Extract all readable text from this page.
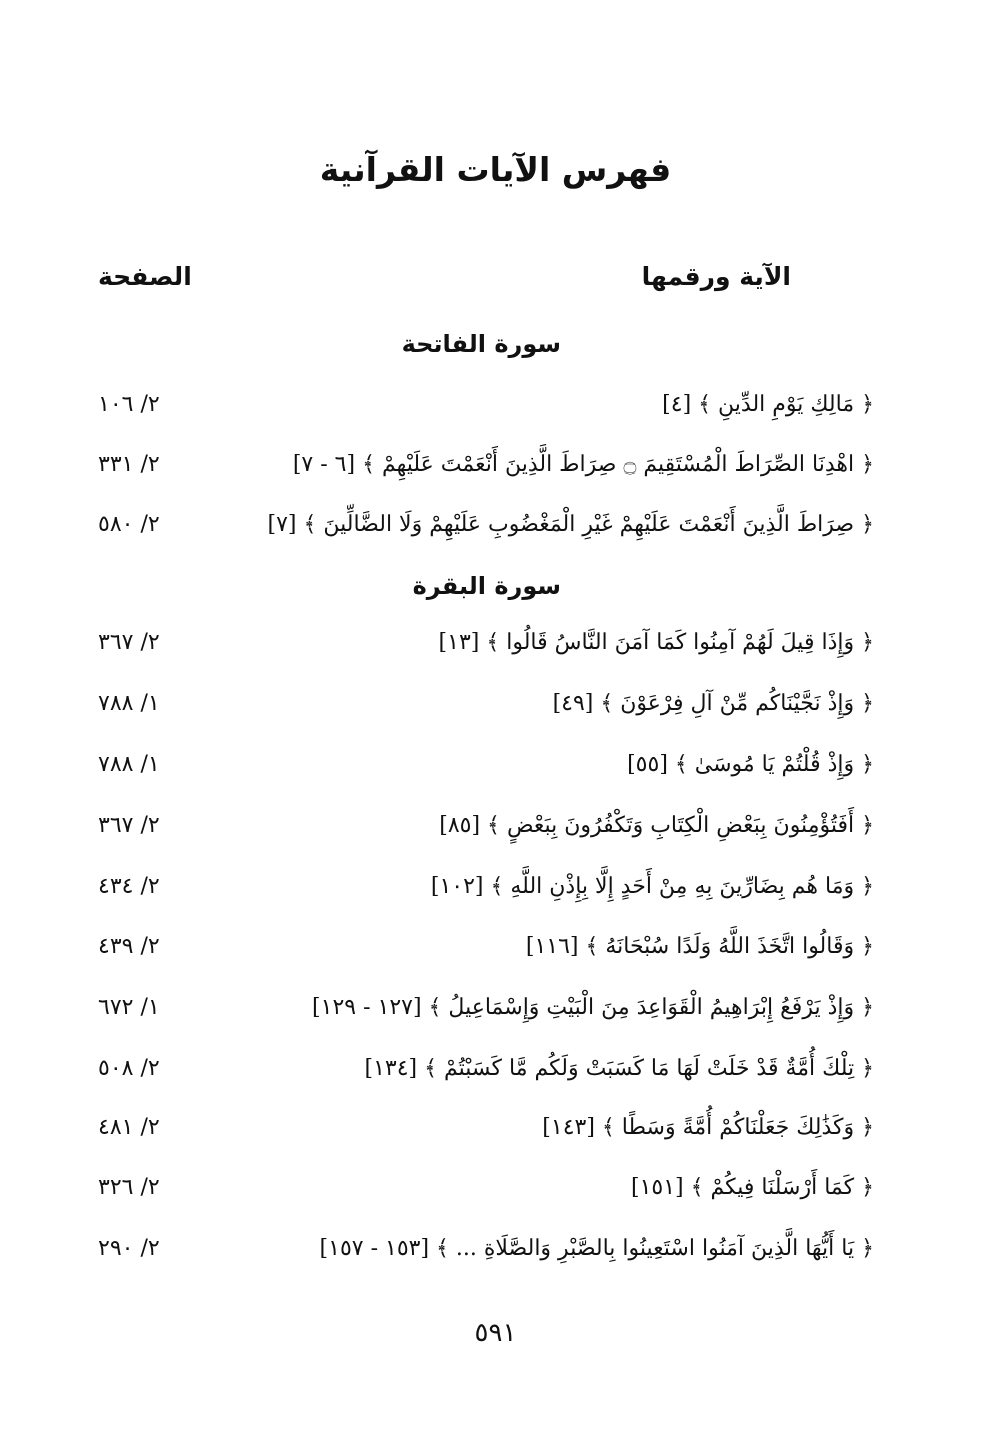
فهرس الآيات القرآنية
الآية ورقمها
الصفحة
سورة الفاتحة
﴿ مَالِكِ يَوْمِ الدِّينِ ﴾ [٤]
٢/ ١٠٦
﴿ اهْدِنَا الصِّرَاطَ الْمُسْتَقِيمَ ۝ صِرَاطَ الَّذِينَ أَنْعَمْتَ عَلَيْهِمْ ﴾ [٦ - ٧]
٢/ ٣٣١
﴿ صِرَاطَ الَّذِينَ أَنْعَمْتَ عَلَيْهِمْ غَيْرِ الْمَغْضُوبِ عَلَيْهِمْ وَلَا الضَّالِّينَ ﴾ [٧]
٢/ ٥٨٠
سورة البقرة
﴿ وَإِذَا قِيلَ لَهُمْ آمِنُوا كَمَا آمَنَ النَّاسُ قَالُوا ﴾ [١٣]
٢/ ٣٦٧
﴿ وَإِذْ نَجَّيْنَاكُم مِّنْ آلِ فِرْعَوْنَ ﴾ [٤٩]
١/ ٧٨٨
﴿ وَإِذْ قُلْتُمْ يَا مُوسَىٰ ﴾ [٥٥]
١/ ٧٨٨
﴿ أَفَتُؤْمِنُونَ بِبَعْضِ الْكِتَابِ وَتَكْفُرُونَ بِبَعْضٍ ﴾ [٨٥]
٢/ ٣٦٧
﴿ وَمَا هُم بِضَارِّينَ بِهِ مِنْ أَحَدٍ إِلَّا بِإِذْنِ اللَّهِ ﴾ [١٠٢]
٢/ ٤٣٤
﴿ وَقَالُوا اتَّخَذَ اللَّهُ وَلَدًا سُبْحَانَهُ ﴾ [١١٦]
٢/ ٤٣٩
﴿ وَإِذْ يَرْفَعُ إِبْرَاهِيمُ الْقَوَاعِدَ مِنَ الْبَيْتِ وَإِسْمَاعِيلُ ﴾ [١٢٧ - ١٢٩]
١/ ٦٧٢
﴿ تِلْكَ أُمَّةٌ قَدْ خَلَتْ لَهَا مَا كَسَبَتْ وَلَكُم مَّا كَسَبْتُمْ ﴾ [١٣٤]
٢/ ٥٠٨
﴿ وَكَذَٰلِكَ جَعَلْنَاكُمْ أُمَّةً وَسَطًا ﴾ [١٤٣]
٢/ ٤٨١
﴿ كَمَا أَرْسَلْنَا فِيكُمْ ﴾ [١٥١]
٢/ ٣٢٦
﴿ يَا أَيُّهَا الَّذِينَ آمَنُوا اسْتَعِينُوا بِالصَّبْرِ وَالصَّلَاةِ ... ﴾ [١٥٣ - ١٥٧]
٢/ ٢٩٠
٥٩١
